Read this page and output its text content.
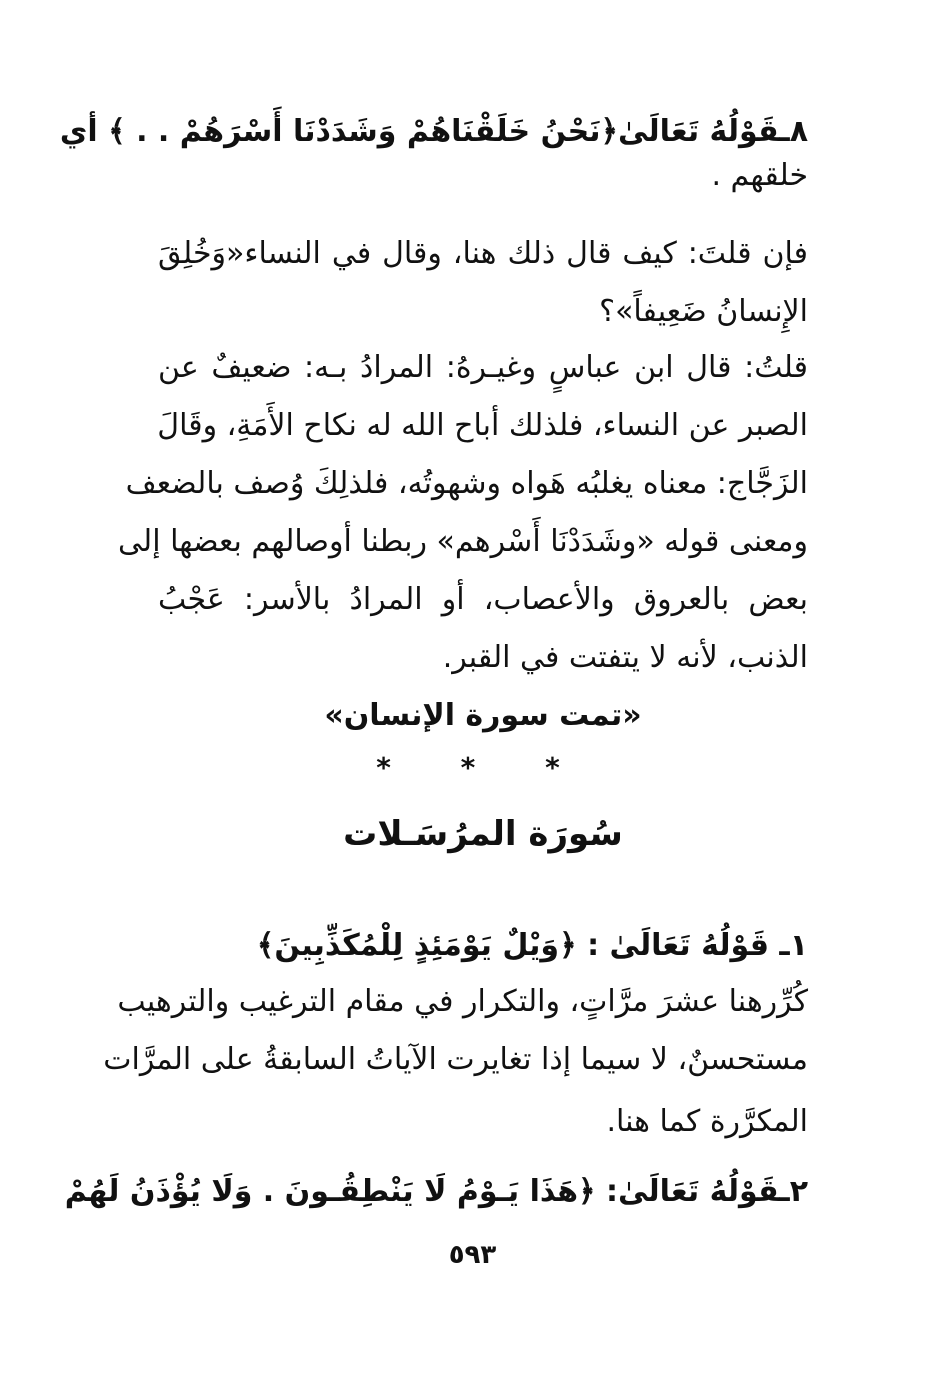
٨ـقَوْلُهُ تَعَالَىٰ﴿نَحْنُ خَلَقْنَاهُمْ وَشَدَدْنَا أَسْرَهُمْ . . ﴾ أي
خلقهم .
فإن قلتَ: كيف قال ذلك هنا، وقال في النساء«وَخُلِقَ
الإِنسانُ ضَعِيفاً»؟
قلتُ: قال ابن عباسٍ وغيـرهُ: المرادُ بـه: ضعيفٌ عن
الصبر عن النساء، فلذلك أباح الله له نكاح الأَمَةِ، وقَالَ
الزَجَّاج: معناه يغلبُه هَواه وشهوتُه، فلذلِكَ وُصف بالضعف
ومعنى قوله «وشَدَدْنَا أَسْرهم» ربطنا أوصالهم بعضها إلى
بعض بالعروق والأعصاب، أو المرادُ بالأسر: عَجْبُ
الذنب، لأنه لا يتفتت في القبر.
«تمت سورة الإنسان»
* * *
سُورَة المرُسَـلات
١ـ قَوْلُهُ تَعَالَىٰ : ﴿وَيْلٌ يَوْمَئِذٍ لِلْمُكَذِّبِينَ﴾
كُرِّرهنا عشرَ مرَّاتٍ، والتكرار في مقام الترغيب والترهيب
مستحسنٌ، لا سيما إذا تغايرت الآياتُ السابقةُ على المرَّات
المكرَّرة كما هنا.
٢ـقَوْلُهُ تَعَالَىٰ: ﴿هَذَا يَـوْمُ لَا يَنْطِقُـونَ . وَلَا يُؤْذَنُ لَهُمْ
٥٩٣
